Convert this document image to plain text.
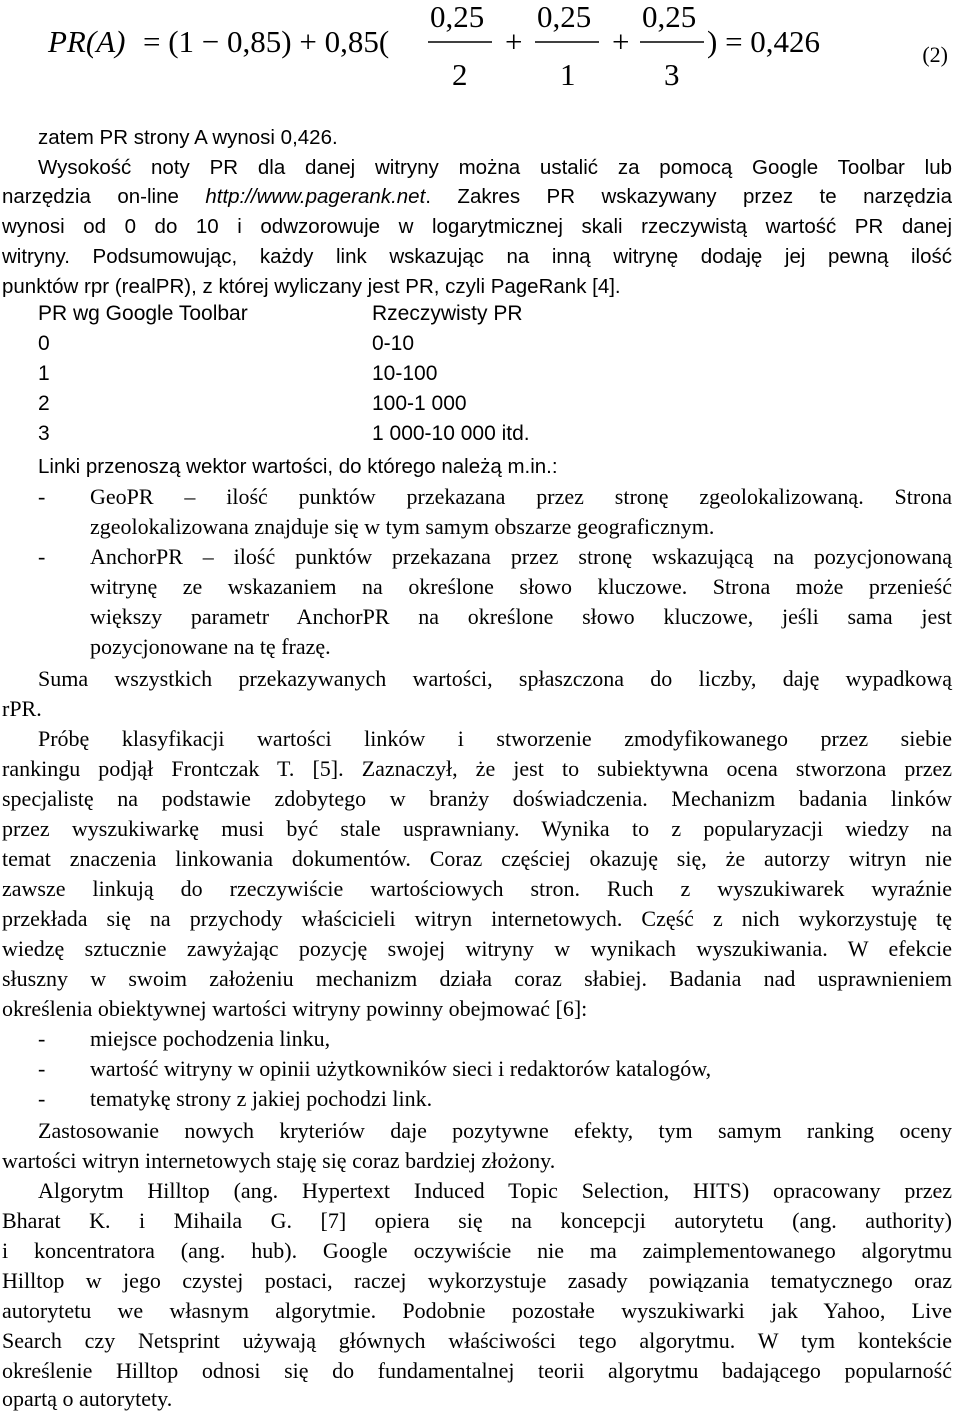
PR(A) = (1 − 0,85) + 0,85(
0,25
2
+
0,25
1
+
0,25
3
) = 0,426	(2)
zatem PR strony A wynosi 0,426.
Wysokość noty PR dla danej witryny można ustalić za pomocą Google Toolbar lub
narzędzia on-line http://www.pagerank.net. Zakres PR wskazywany przez te narzędzia
wynosi od 0 do 10 i odwzorowuje w logarytmicznej skali rzeczywistą wartość PR danej
witryny. Podsumowując, każdy link wskazując na inną witrynę dodaję jej pewną ilość
punktów rpr (realPR), z której wyliczany jest PR, czyli PageRank [4].
PR wg Google Toolbar	Rzeczywisty PR
0	0-10
1	10-100
2	100-1 000
3	1 000-10 000 itd.
Linki przenoszą wektor wartości, do którego należą m.in.:
- GeoPR – ilość punktów przekazana przez stronę zgeolokalizowaną. Strona
zgeolokalizowana znajduje się w tym samym obszarze geograficznym.
- AnchorPR – ilość punktów przekazana przez stronę wskazującą na pozycjonowaną
witrynę ze wskazaniem na określone słowo kluczowe. Strona może przenieść
większy parametr AnchorPR na określone słowo kluczowe, jeśli sama jest
pozycjonowane na tę frazę.
Suma wszystkich przekazywanych wartości, spłaszczona do liczby, daję wypadkową
rPR.
Próbę klasyfikacji wartości linków i stworzenie zmodyfikowanego przez siebie
rankingu podjął Frontczak T. [5]. Zaznaczył, że jest to subiektywna ocena stworzona przez
specjalistę na podstawie zdobytego w branży doświadczenia. Mechanizm badania linków
przez wyszukiwarkę musi być stale usprawniany. Wynika to z popularyzacji wiedzy na
temat znaczenia linkowania dokumentów. Coraz częściej okazuję się, że autorzy witryn nie
zawsze linkują do rzeczywiście wartościowych stron. Ruch z wyszukiwarek wyraźnie
przekłada się na przychody właścicieli witryn internetowych. Część z nich wykorzystuję tę
wiedzę sztucznie zawyżając pozycję swojej witryny w wynikach wyszukiwania. W efekcie
słuszny w swoim założeniu mechanizm działa coraz słabiej. Badania nad usprawnieniem
określenia obiektywnej wartości witryny powinny obejmować [6]:
- miejsce pochodzenia linku,
- wartość witryny w opinii użytkowników sieci i redaktorów katalogów,
- tematykę strony z jakiej pochodzi link.
Zastosowanie nowych kryteriów daje pozytywne efekty, tym samym ranking oceny
wartości witryn internetowych staję się coraz bardziej złożony.
Algorytm Hilltop (ang. Hypertext Induced Topic Selection, HITS) opracowany przez
Bharat K. i Mihaila G. [7] opiera się na koncepcji autorytetu (ang. authority)
i koncentratora (ang. hub). Google oczywiście nie ma zaimplementowanego algorytmu
Hilltop w jego czystej postaci, raczej wykorzystuje zasady powiązania tematycznego oraz
autorytetu we własnym algorytmie. Podobnie pozostałe wyszukiwarki jak Yahoo, Live
Search czy Netsprint używają głównych właściwości tego algorytmu. W tym kontekście
określenie Hilltop odnosi się do fundamentalnej teorii algorytmu badającego popularność
opartą o autorytety.
